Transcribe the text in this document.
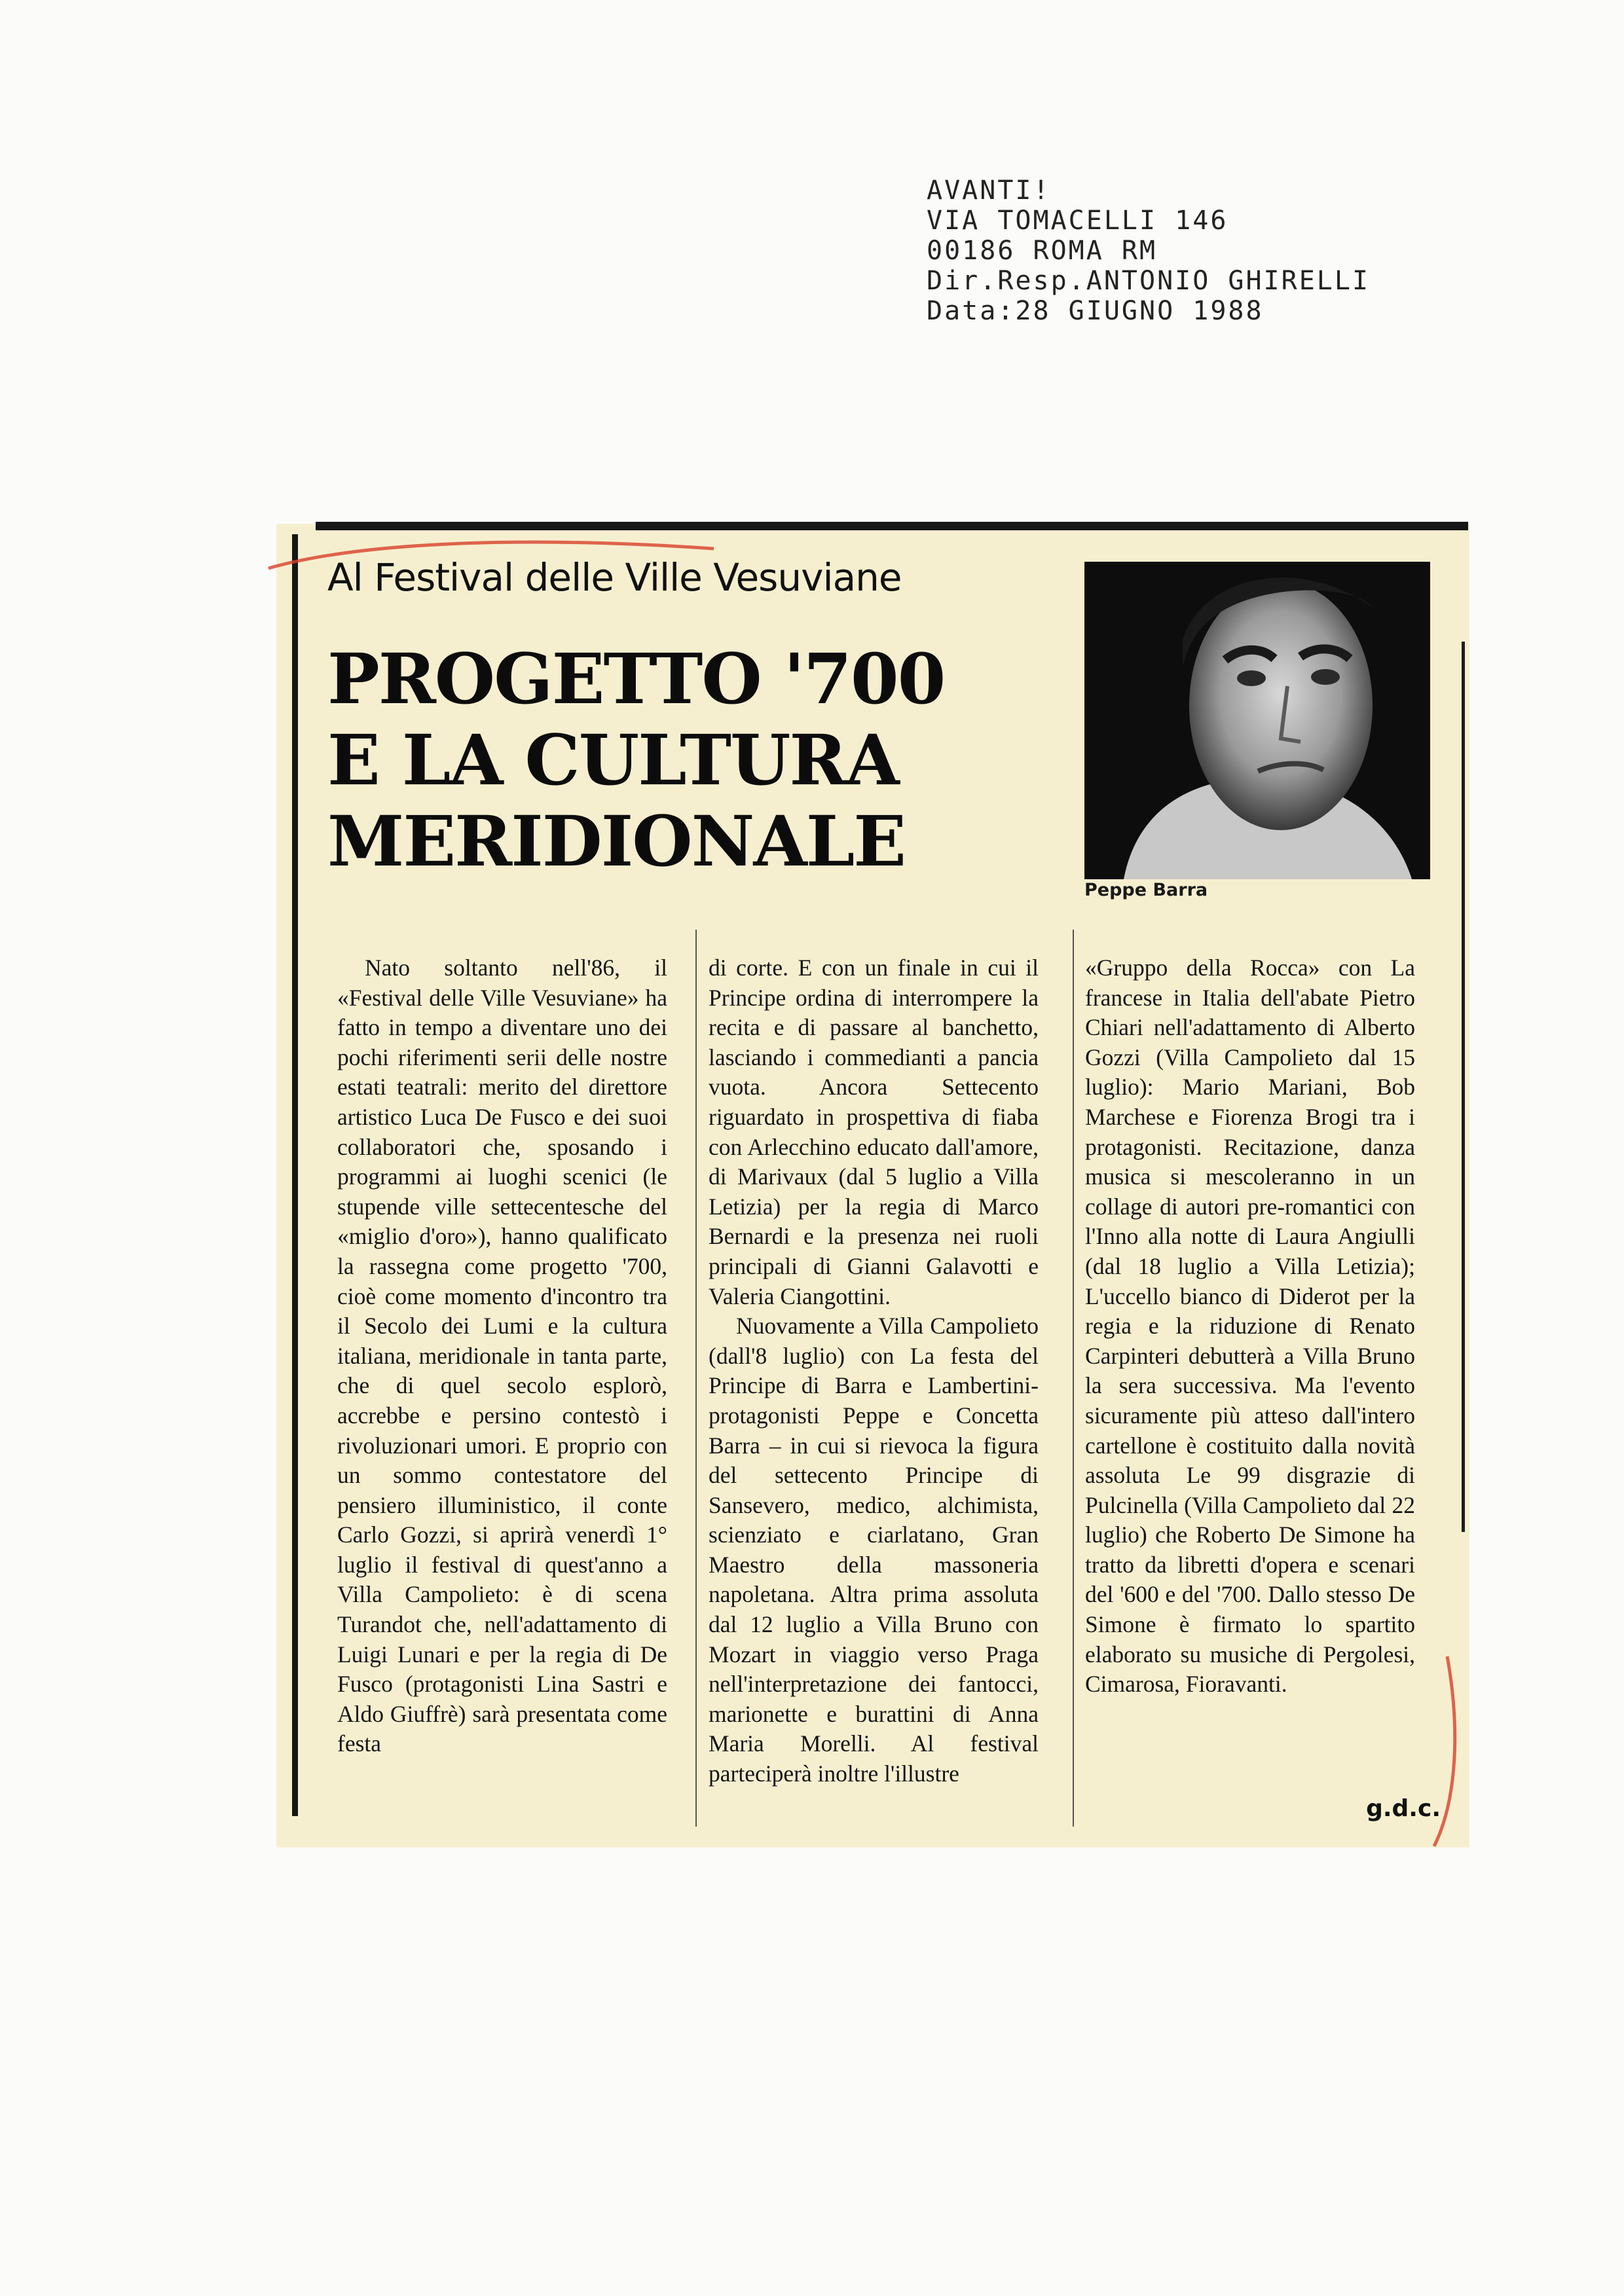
AVANTI!
VIA TOMACELLI 146
00186 ROMA RM
Dir.Resp.ANTONIO GHIRELLI
Data:28 GIUGNO 1988
Al Festival delle Ville Vesuviane
PROGETTO '700
E LA CULTURA
MERIDIONALE
Peppe Barra

Nato soltanto nell'86, il «Festival delle Ville Vesuviane» ha fatto in tempo a diventare uno dei pochi riferimenti serii delle nostre estati teatrali: merito del direttore artistico Luca De Fusco e dei suoi collaboratori che, sposando i programmi ai luoghi scenici (le stupende ville settecentesche del «miglio d'oro»), hanno qualificato la rassegna come progetto '700, cioè come momento d'incontro tra il Secolo dei Lumi e la cultura italiana, meridionale in tanta parte, che di quel secolo esplorò, accrebbe e persino contestò i rivoluzionari umori. E proprio con un sommo contestatore del pensiero illuministico, il conte Carlo Gozzi, si aprirà venerdì 1° luglio il festival di quest'anno a Villa Campolieto: è di scena Turandot che, nell'adattamento di Luigi Lunari e per la regia di De Fusco (protagonisti Lina Sastri e Aldo Giuffrè) sarà presentata come festa

di corte. E con un finale in cui il Principe ordina di interrompere la recita e di passare al banchetto, lasciando i commedianti a pancia vuota. Ancora Settecento riguardato in prospettiva di fiaba con Arlecchino educato dall'amore, di Marivaux (dal 5 luglio a Villa Letizia) per la regia di Marco Bernardi e la presenza nei ruoli principali di Gianni Galavotti e Valeria Ciangottini.

Nuovamente a Villa Campolieto (dall'8 luglio) con La festa del Principe di Barra e Lambertini-protagonisti Peppe e Concetta Barra – in cui si rievoca la figura del settecento Principe di Sansevero, medico, alchimista, scienziato e ciarlatano, Gran Maestro della massoneria napoletana. Altra prima assoluta dal 12 luglio a Villa Bruno con Mozart in viaggio verso Praga nell'interpretazione dei fantocci, marionette e burattini di Anna Maria Morelli. Al festival parteciperà inoltre l'illustre

«Gruppo della Rocca» con La francese in Italia dell'abate Pietro Chiari nell'adattamento di Alberto Gozzi (Villa Campolieto dal 15 luglio): Mario Mariani, Bob Marchese e Fiorenza Brogi tra i protagonisti. Recitazione, danza musica si mescoleranno in un collage di autori pre-romantici con l'Inno alla notte di Laura Angiulli (dal 18 luglio a Villa Letizia); L'uccello bianco di Diderot per la regia e la riduzione di Renato Carpinteri debutterà a Villa Bruno la sera successiva. Ma l'evento sicuramente più atteso dall'intero cartellone è costituito dalla novità assoluta Le 99 disgrazie di Pulcinella (Villa Campolieto dal 22 luglio) che Roberto De Simone ha tratto da libretti d'opera e scenari del '600 e del '700. Dallo stesso De Simone è firmato lo spartito elaborato su musiche di Pergolesi, Cimarosa, Fioravanti.

g.d.c.
